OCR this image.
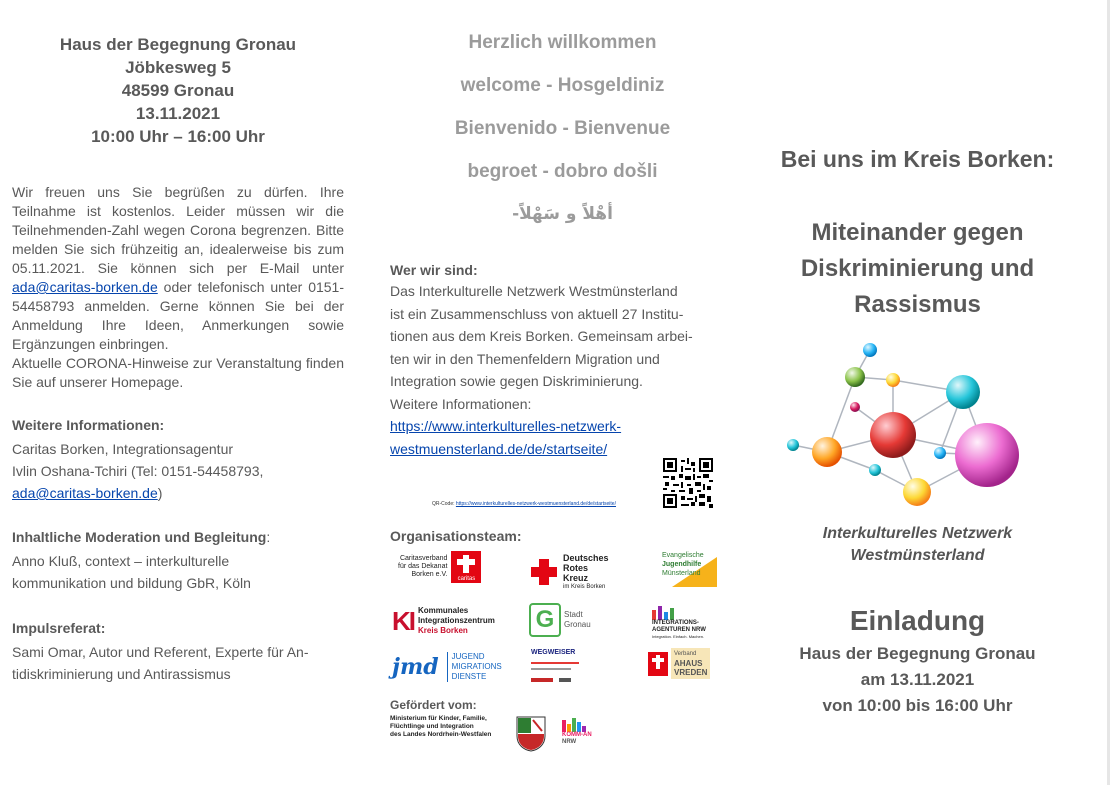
Haus der Begegnung Gronau
Jöbkesweg 5
48599 Gronau
13.11.2021
10:00 Uhr – 16:00 Uhr

Wir freuen uns Sie begrüßen zu dürfen. Ihre Teilnahme ist kostenlos. Leider müssen wir die Teilnehmenden-Zahl wegen Corona begrenzen. Bitte melden Sie sich frühzeitig an, idealerweise bis zum 05.11.2021. Sie können sich per E-Mail unter ada@caritas-borken.de oder telefonisch unter 0151-54458793 anmelden. Gerne können Sie bei der Anmeldung Ihre Ideen, Anmerkungen sowie Ergänzungen einbringen.
Aktuelle CORONA-Hinweise zur Veranstaltung finden Sie auf unserer Homepage.

Weitere Informationen:
Caritas Borken, Integrationsagentur
Ivlin Oshana-Tchiri (Tel: 0151-54458793,
ada@caritas-borken.de)
Inhaltliche Moderation und Begleitung:
Anno Kluß, context – interkulturelle
kommunikation und bildung GbR, Köln
Impulsreferat:
Sami Omar, Autor und Referent, Experte für An-
tidiskriminierung und Antirassismus
Herzlich willkommen
welcome - Hosgeldiniz
Bienvenido - Bienvenue
begroet - dobro došli
أهْلاً و سَهْلاً-
Wer wir sind:
Das Interkulturelle Netzwerk Westmünsterland
ist ein Zusammenschluss von aktuell 27 Institu-
tionen aus dem Kreis Borken. Gemeinsam arbei-
ten wir in den Themenfeldern Migration und
Integration sowie gegen Diskriminierung.
Weitere Informationen:
https://www.interkulturelles-netzwerk-
westmuensterland.de/de/startseite/
QR-Code: https://www.interkulturelles-netzwerk-westmuensterland.de/de/startseite/
Organisationsteam:
Caritasverband
für das Dekanat
Borken e.V.
caritas
Deutsches
Rotes
Kreuz
im Kreis Borken
Evangelische
Jugendhilfe
Münsterland
KI Kommunales
Integrationszentrum
Kreis Borken	G	Stadt
Gronau	INTEGRATIONS-
AGENTUREN NRW
Integration. Einfach. Machen.
jmd JUGEND
MIGRATIONS
DIENSTE
WEGWEISER	Verband
AHAUS
VREDEN
Gefördert vom:
Ministerium für Kinder, Familie,
Flüchtlinge und Integration
des Landes Nordrhein-Westfalen	KOMM-AN
NRW
Bei uns im Kreis Borken:
Miteinander gegen
Diskriminierung und
Rassismus
Interkulturelles Netzwerk
Westmünsterland
Einladung
Haus der Begegnung Gronau
am 13.11.2021
von 10:00 bis 16:00 Uhr
